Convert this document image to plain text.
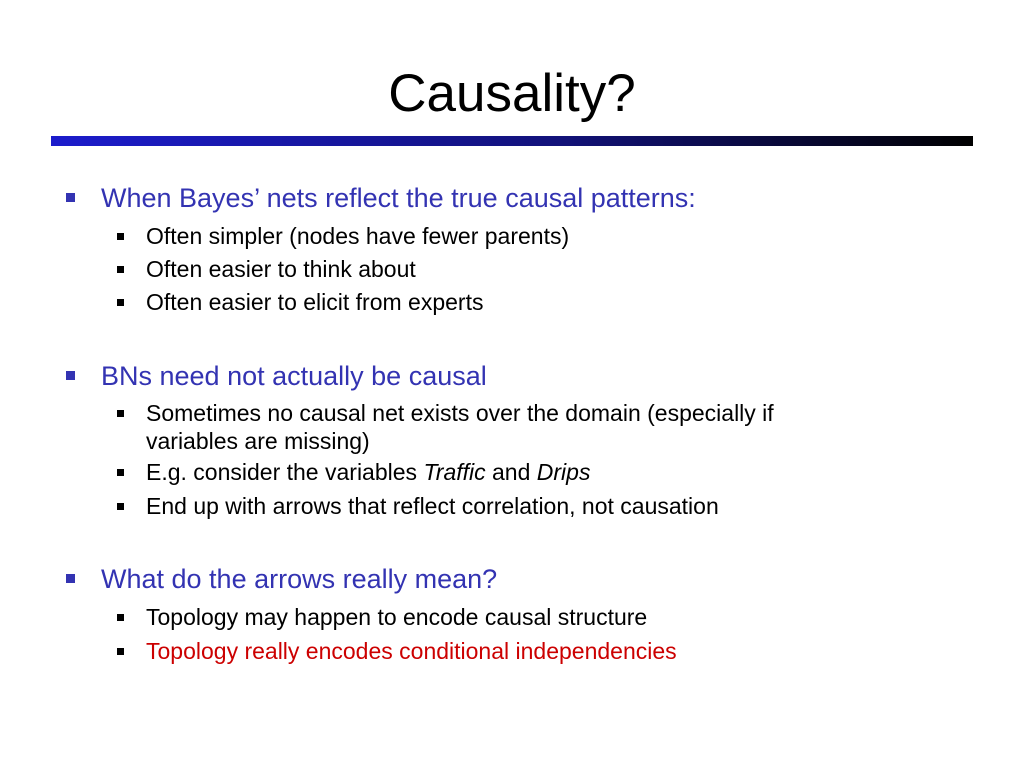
Causality?
When Bayes’ nets reflect the true causal patterns:
Often simpler (nodes have fewer parents)
Often easier to think about
Often easier to elicit from experts
BNs need not actually be causal
Sometimes no causal net exists over the domain (especially if
variables are missing)
E.g. consider the variables Traffic and Drips
End up with arrows that reflect correlation, not causation
What do the arrows really mean?
Topology may happen to encode causal structure
Topology really encodes conditional independencies
